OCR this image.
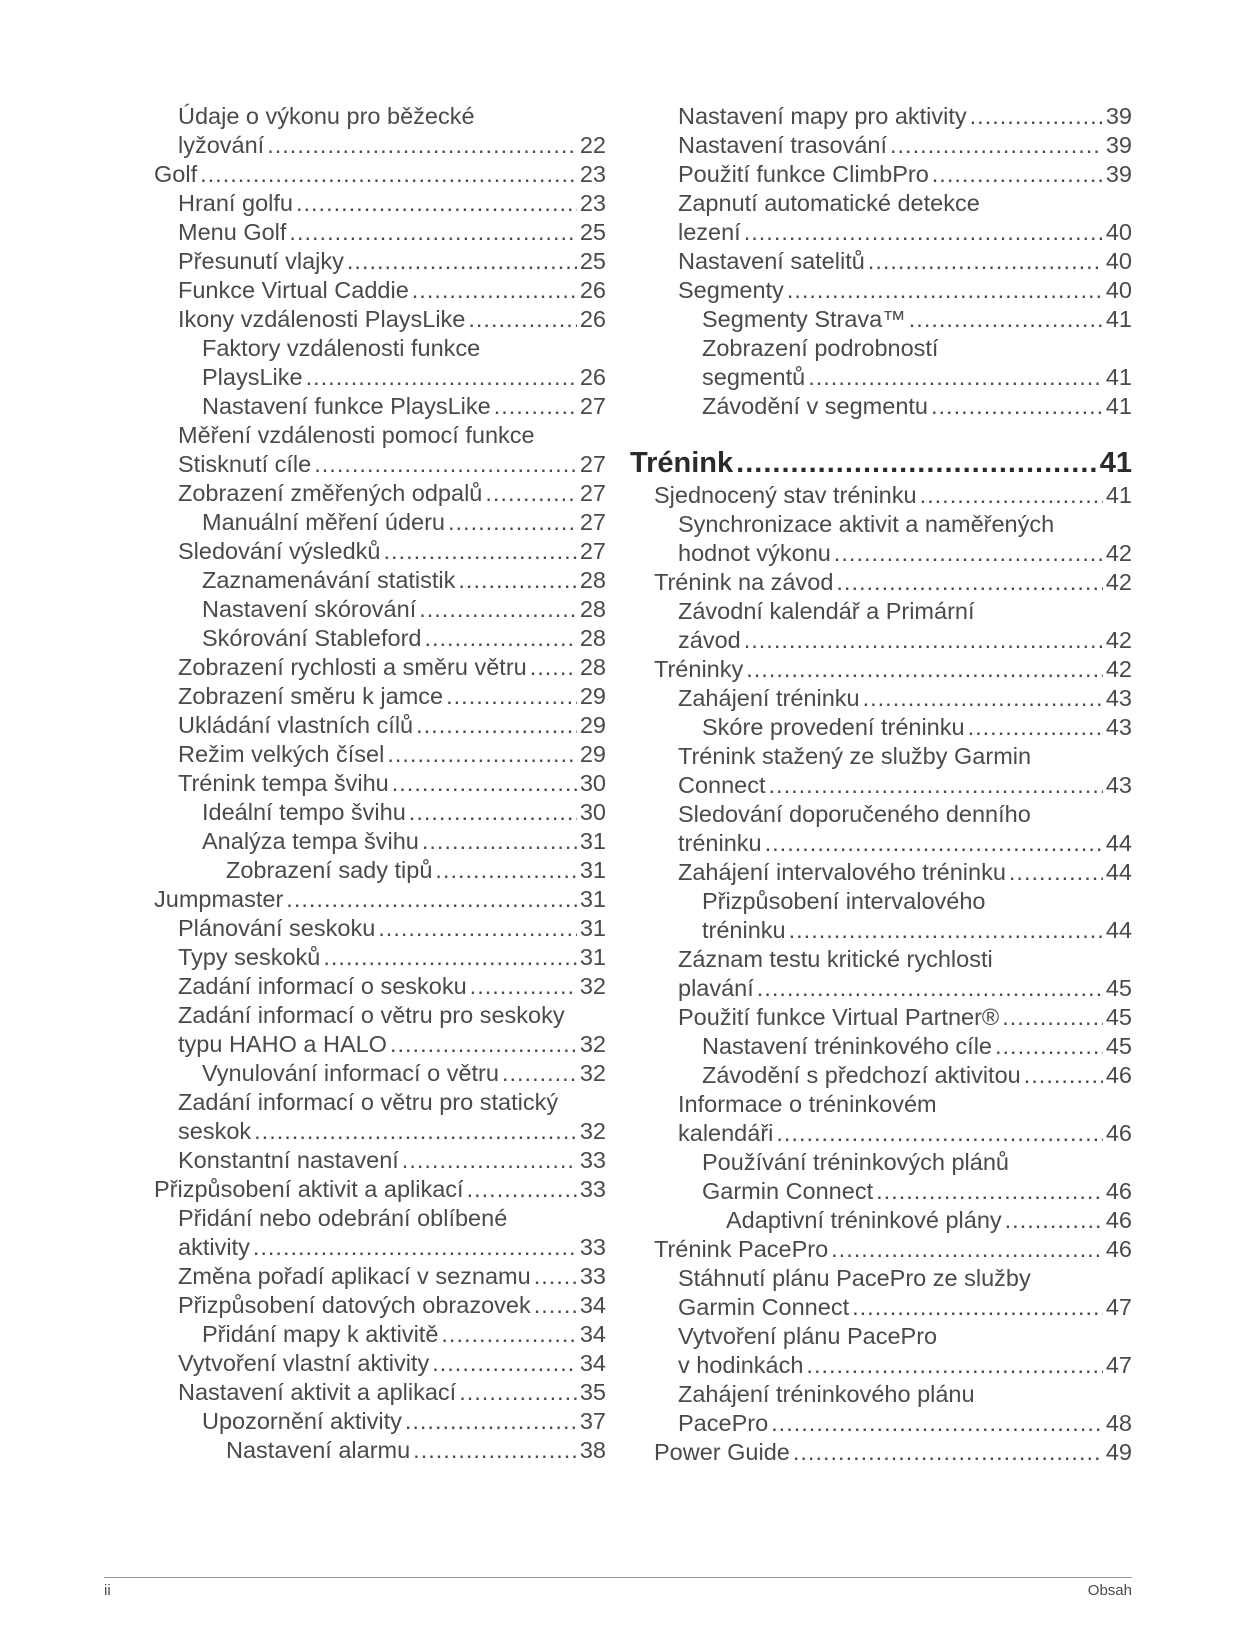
Údaje o výkonu pro běžecké
lyžování .....	22
Golf .....	23
Hraní golfu .....	23
Menu Golf .....	25
Přesunutí vlajky .....	25
Funkce Virtual Caddie .....	26
Ikony vzdálenosti PlaysLike .....	26
Faktory vzdálenosti funkce
PlaysLike .....	26
Nastavení funkce PlaysLike .....	27
Měření vzdálenosti pomocí funkce
Stisknutí cíle .....	27
Zobrazení změřených odpalů .....	27
Manuální měření úderu .....	27
Sledování výsledků .....	27
Zaznamenávání statistik .....	28
Nastavení skórování .....	28
Skórování Stableford .....	28
Zobrazení rychlosti a směru větru ..... 28
Zobrazení směru k jamce .....	29
Ukládání vlastních cílů .....	29
Režim velkých čísel .....	29
Trénink tempa švihu .....	30
Ideální tempo švihu .....	30
Analýza tempa švihu .....	31
Zobrazení sady tipů .....	31
Jumpmaster .....	31
Plánování seskoku .....	31
Typy seskoků .....	31
Zadání informací o seskoku .....	32
Zadání informací o větru pro seskoky
typu HAHO a HALO .....	32
Vynulování informací o větru .....	32
Zadání informací o větru pro statický
seskok .....	32
Konstantní nastavení .....	33
Přizpůsobení aktivit a aplikací .....	33
Přidání nebo odebrání oblíbené
aktivity .....	33
Změna pořadí aplikací v seznamu ..... 33
Přizpůsobení datových obrazovek ..... 34
Přidání mapy k aktivitě .....	34
Vytvoření vlastní aktivity .....	34
Nastavení aktivit a aplikací .....	35
Upozornění aktivity .....	37
Nastavení alarmu .....	38
Nastavení mapy pro aktivity .....	39
Nastavení trasování .....	39
Použití funkce ClimbPro .....	39
Zapnutí automatické detekce
lezení .....	40
Nastavení satelitů .....	40
Segmenty .....	40
Segmenty Strava™ .....	41
Zobrazení podrobností
segmentů .....	41
Závodění v segmentu .....	41
Trénink .....	41
Sjednocený stav tréninku .....	41
Synchronizace aktivit a naměřených
hodnot výkonu .....	42
Trénink na závod .....	42
Závodní kalendář a Primární
závod .....	42
Tréninky .....	42
Zahájení tréninku .....	43
Skóre provedení tréninku .....	43
Trénink stažený ze služby Garmin
Connect .....	43
Sledování doporučeného denního
tréninku .....	44
Zahájení intervalového tréninku .....	44
Přizpůsobení intervalového
tréninku .....	44
Záznam testu kritické rychlosti
plavání .....	45
Použití funkce Virtual Partner® .....	45
Nastavení tréninkového cíle .....	45
Závodění s předchozí aktivitou .....	46
Informace o tréninkovém
kalendáři .....	46
Používání tréninkových plánů
Garmin Connect .....	46
Adaptivní tréninkové plány .....	46
Trénink PacePro .....	46
Stáhnutí plánu PacePro ze služby
Garmin Connect .....	47
Vytvoření plánu PacePro
v hodinkách .....	47
Zahájení tréninkového plánu
PacePro .....	48
Power Guide .....	49
ii	Obsah
